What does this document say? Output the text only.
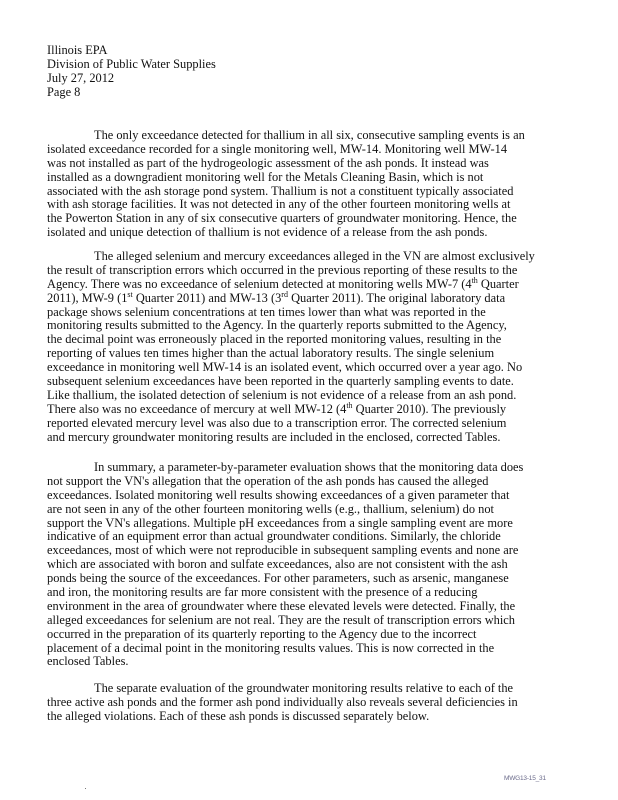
Illinois EPA
Division of Public Water Supplies
July 27, 2012
Page 8
The only exceedance detected for thallium in all six, consecutive sampling events is an
isolated exceedance recorded for a single monitoring well, MW-14. Monitoring well MW-14
was not installed as part of the hydrogeologic assessment of the ash ponds. It instead was
installed as a downgradient monitoring well for the Metals Cleaning Basin, which is not
associated with the ash storage pond system. Thallium is not a constituent typically associated
with ash storage facilities. It was not detected in any of the other fourteen monitoring wells at
the Powerton Station in any of six consecutive quarters of groundwater monitoring. Hence, the
isolated and unique detection of thallium is not evidence of a release from the ash ponds.
The alleged selenium and mercury exceedances alleged in the VN are almost exclusively
the result of transcription errors which occurred in the previous reporting of these results to the
Agency. There was no exceedance of selenium detected at monitoring wells MW-7 (4th Quarter
2011), MW-9 (1st Quarter 2011) and MW-13 (3rd Quarter 2011). The original laboratory data
package shows selenium concentrations at ten times lower than what was reported in the
monitoring results submitted to the Agency. In the quarterly reports submitted to the Agency,
the decimal point was erroneously placed in the reported monitoring values, resulting in the
reporting of values ten times higher than the actual laboratory results. The single selenium
exceedance in monitoring well MW-14 is an isolated event, which occurred over a year ago. No
subsequent selenium exceedances have been reported in the quarterly sampling events to date.
Like thallium, the isolated detection of selenium is not evidence of a release from an ash pond.
There also was no exceedance of mercury at well MW-12 (4th Quarter 2010). The previously
reported elevated mercury level was also due to a transcription error. The corrected selenium
and mercury groundwater monitoring results are included in the enclosed, corrected Tables.
In summary, a parameter-by-parameter evaluation shows that the monitoring data does
not support the VN's allegation that the operation of the ash ponds has caused the alleged
exceedances. Isolated monitoring well results showing exceedances of a given parameter that
are not seen in any of the other fourteen monitoring wells (e.g., thallium, selenium) do not
support the VN's allegations. Multiple pH exceedances from a single sampling event are more
indicative of an equipment error than actual groundwater conditions. Similarly, the chloride
exceedances, most of which were not reproducible in subsequent sampling events and none are
which are associated with boron and sulfate exceedances, also are not consistent with the ash
ponds being the source of the exceedances. For other parameters, such as arsenic, manganese
and iron, the monitoring results are far more consistent with the presence of a reducing
environment in the area of groundwater where these elevated levels were detected. Finally, the
alleged exceedances for selenium are not real. They are the result of transcription errors which
occurred in the preparation of its quarterly reporting to the Agency due to the incorrect
placement of a decimal point in the monitoring results values. This is now corrected in the
enclosed Tables.
The separate evaluation of the groundwater monitoring results relative to each of the
three active ash ponds and the former ash pond individually also reveals several deficiencies in
the alleged violations. Each of these ash ponds is discussed separately below.
MWG13-15_31
